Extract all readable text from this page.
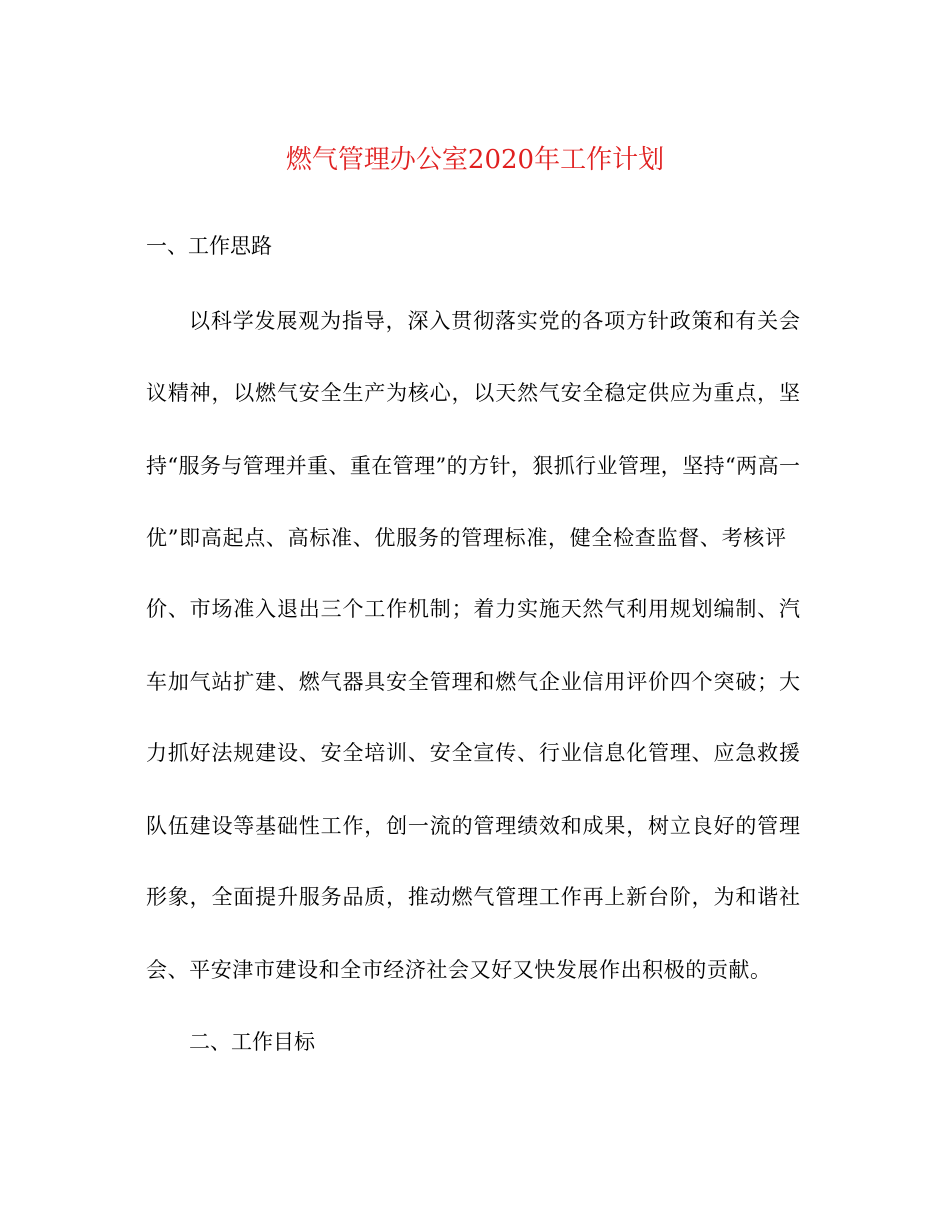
燃气管理办公室2020年工作计划
一、工作思路
以科学发展观为指导，深入贯彻落实党的各项方针政策和有关会
议精神，以燃气安全生产为核心，以天然气安全稳定供应为重点，坚
持“服务与管理并重、重在管理”的方针，狠抓行业管理，坚持“两高一
优”即高起点、高标准、优服务的管理标准，健全检查监督、考核评
价、市场准入退出三个工作机制；着力实施天然气利用规划编制、汽
车加气站扩建、燃气器具安全管理和燃气企业信用评价四个突破；大
力抓好法规建设、安全培训、安全宣传、行业信息化管理、应急救援
队伍建设等基础性工作，创一流的管理绩效和成果，树立良好的管理
形象，全面提升服务品质，推动燃气管理工作再上新台阶，为和谐社
会、平安津市建设和全市经济社会又好又快发展作出积极的贡献。
二、工作目标
